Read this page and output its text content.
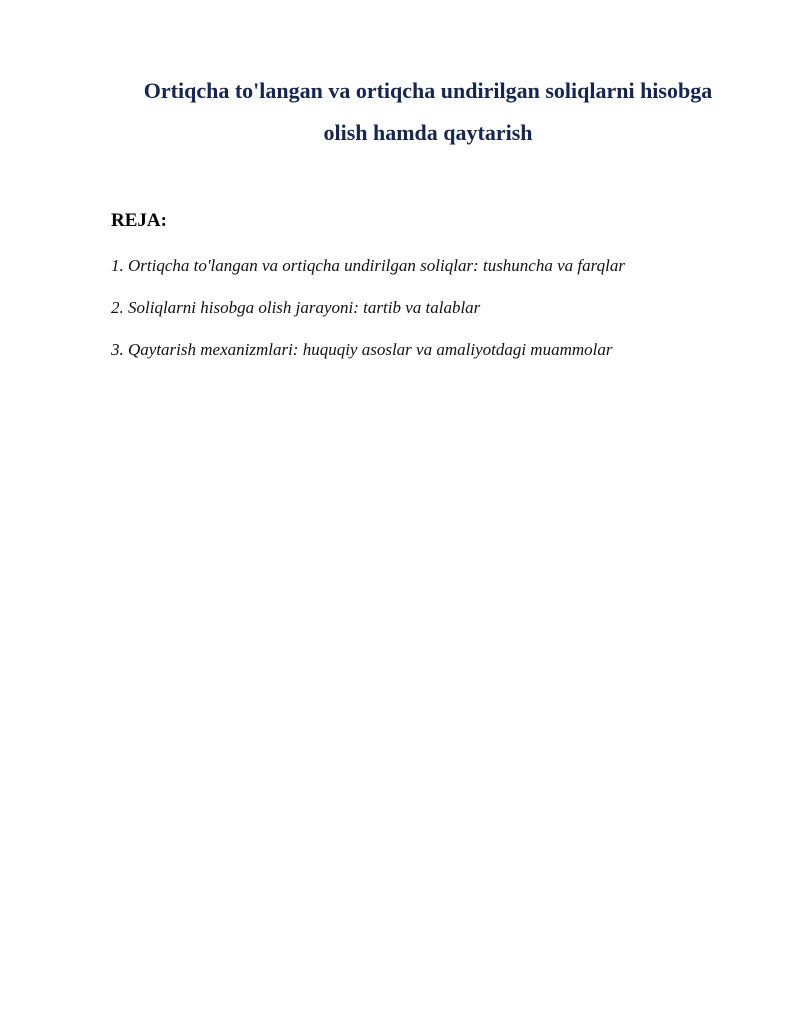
Ortiqcha to'langan va ortiqcha undirilgan soliqlarni hisobga
olish hamda qaytarish
REJA:
1. Ortiqcha to'langan va ortiqcha undirilgan soliqlar: tushuncha va farqlar
2. Soliqlarni hisobga olish jarayoni: tartib va talablar
3. Qaytarish mexanizmlari: huquqiy asoslar va amaliyotdagi muammolar
